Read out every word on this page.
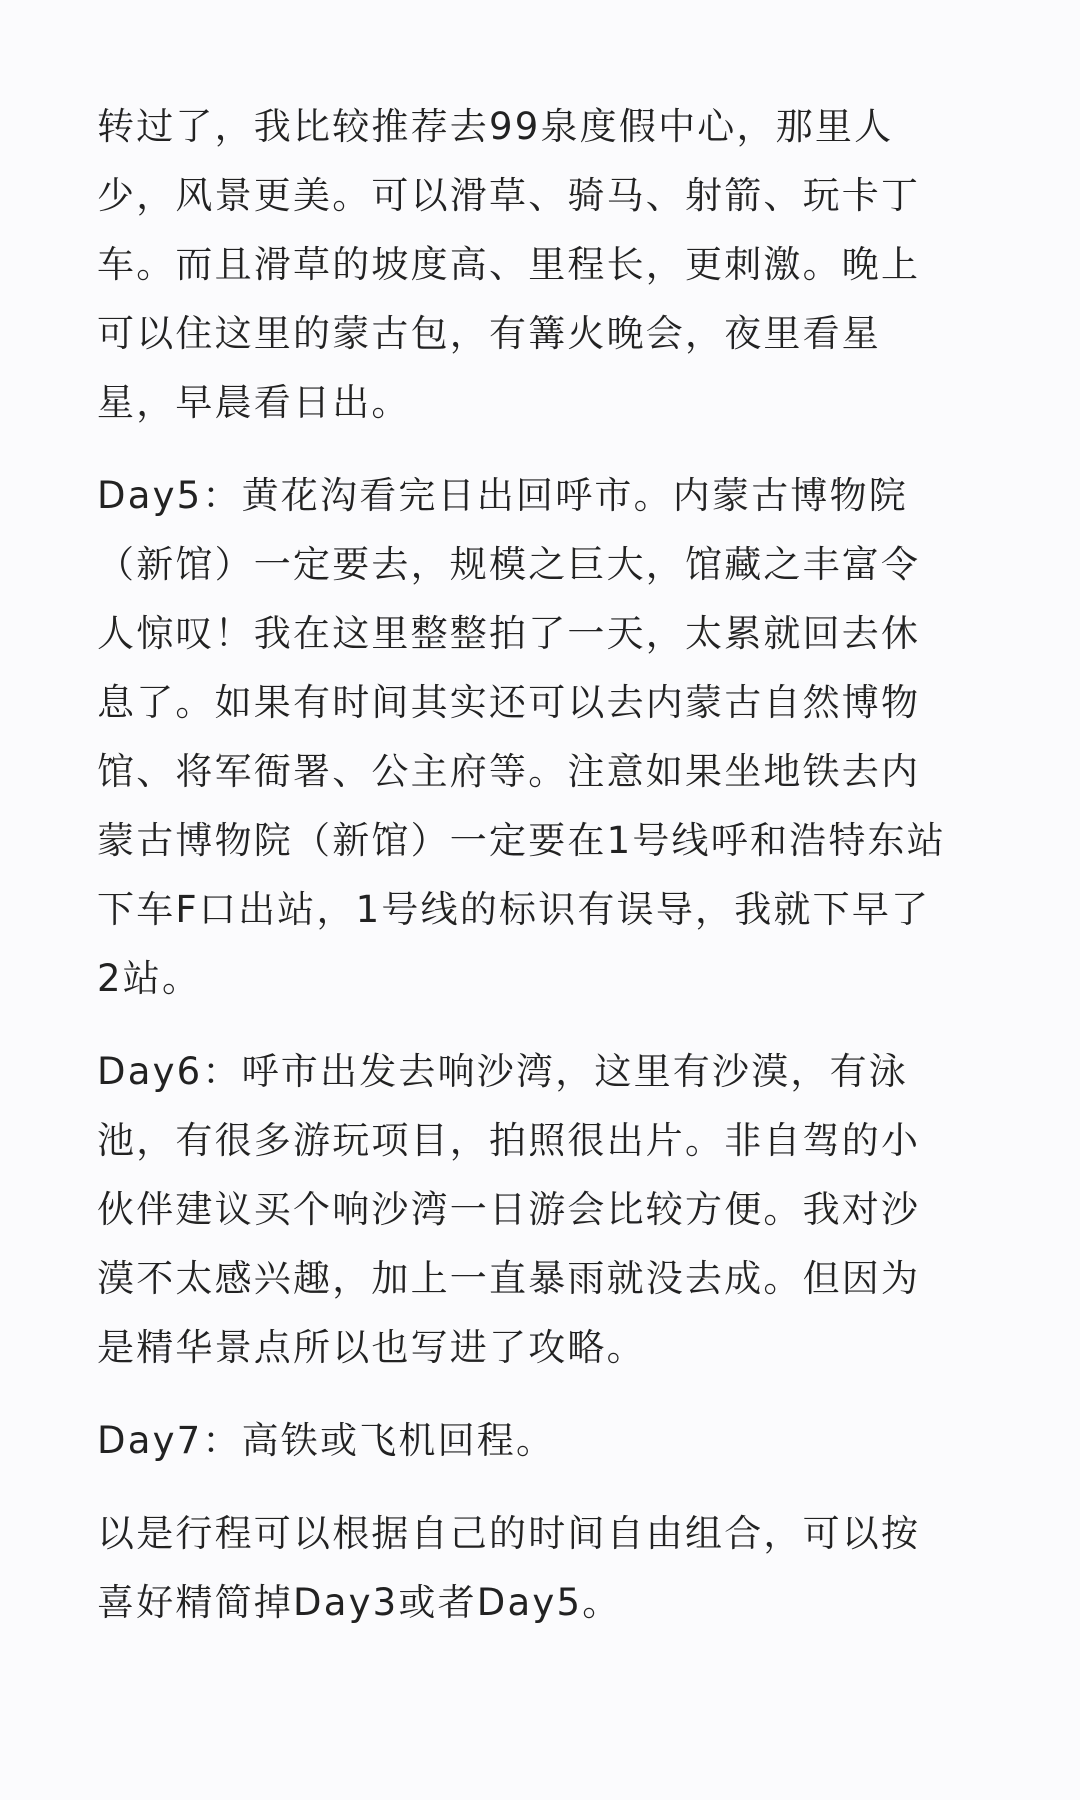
转过了，我比较推荐去99泉度假中心，那里人
少，风景更美。可以滑草、骑马、射箭、玩卡丁
车。而且滑草的坡度高、里程长，更刺激。晚上
可以住这里的蒙古包，有篝火晚会，夜里看星
星，早晨看日出。

Day5：黄花沟看完日出回呼市。内蒙古博物院
（新馆）一定要去，规模之巨大，馆藏之丰富令
人惊叹！我在这里整整拍了一天，太累就回去休
息了。如果有时间其实还可以去内蒙古自然博物
馆、将军衙署、公主府等。注意如果坐地铁去内
蒙古博物院（新馆）一定要在1号线呼和浩特东站
下车F口出站，1号线的标识有误导，我就下早了
2站。

Day6：呼市出发去响沙湾，这里有沙漠，有泳
池，有很多游玩项目，拍照很出片。非自驾的小
伙伴建议买个响沙湾一日游会比较方便。我对沙
漠不太感兴趣，加上一直暴雨就没去成。但因为
是精华景点所以也写进了攻略。

Day7：高铁或飞机回程。

以是行程可以根据自己的时间自由组合，可以按
喜好精简掉Day3或者Day5。
